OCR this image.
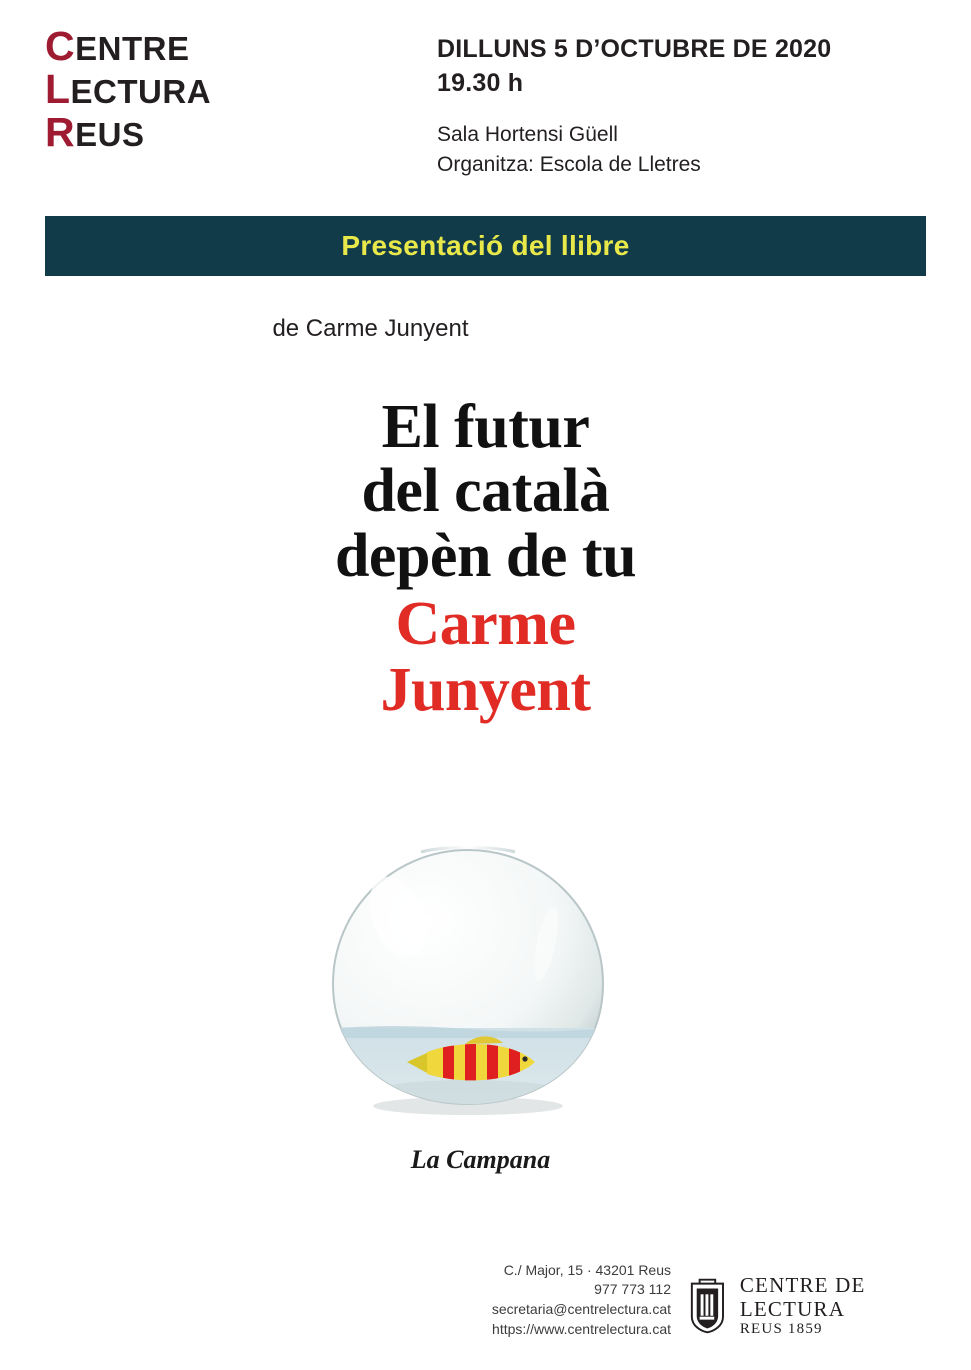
CENTRE
LECTURA
REUS
DILLUNS 5 D’OCTUBRE DE 2020
19.30 h
Sala Hortensi Güell
Organitza: Escola de Lletres
Presentació del llibre
de Carme Junyent
El futur
del català
depèn de tu
Carme
Junyent
La Campana
C./ Major, 15 · 43201 Reus
977 773 112
secretaria@centrelectura.cat
https://www.centrelectura.cat
CENTRE DE LECTURA
REUS 1859
